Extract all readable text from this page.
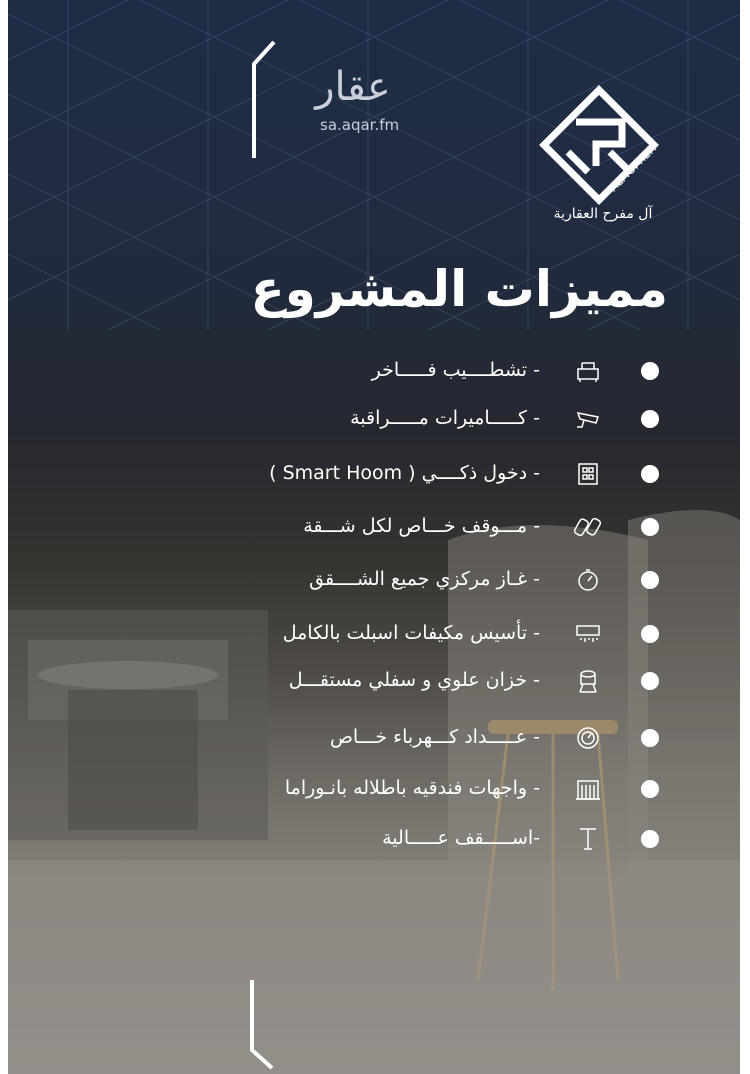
عقار
sa.aqar.fm
ALMOFREH
آل مفرح العقارية
مميزات المشروع
- تشطــــيب فـــــاخر
- كـــــاميرات مـــــراقبة
- دخول ذكــــي ( Smart Hoom )
- مـــوقف خـــاص لكل شـــقة
- غـاز مركزي جميع الشــــقق
- تأسيس مكيفات اسبلت بالكامل
- خزان علوي و سفلي مستقـــل
- عـــــداد كـــهرباء خـــاص
- واجهات فندقيه باطلاله بانـوراما
-اســـــقف عـــــالية
